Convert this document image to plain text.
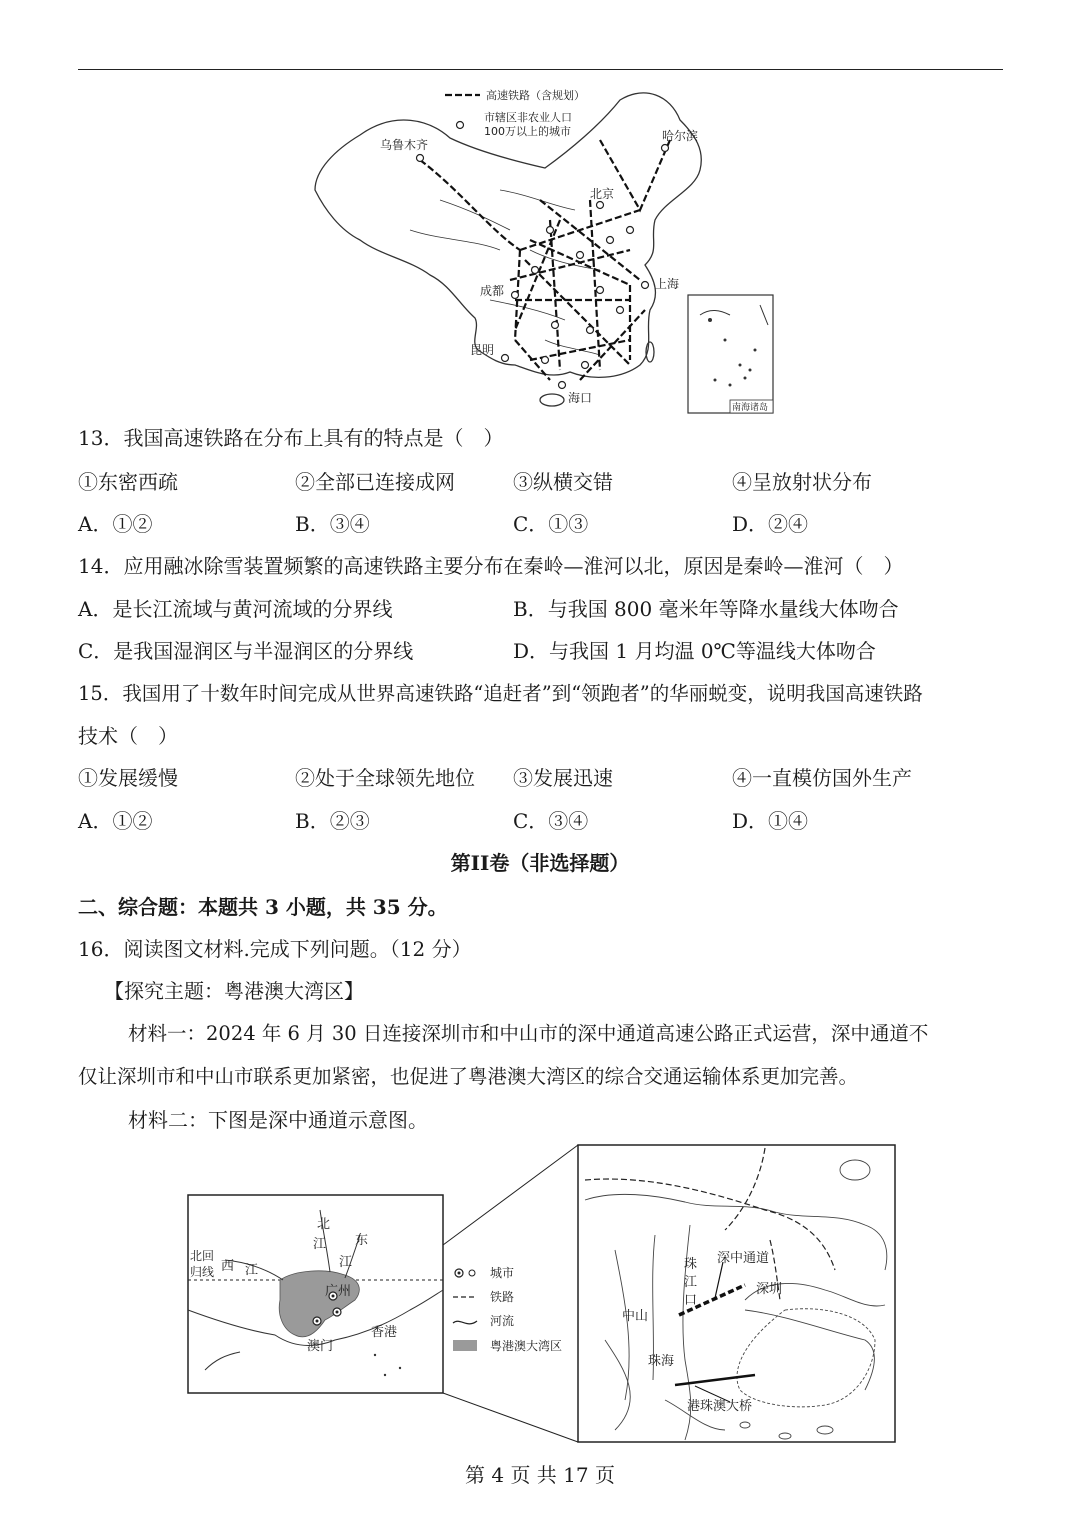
高速铁路（含规划）
市辖区非农业人口
100万以上的城市
乌鲁木齐
哈尔滨
北京
上海
成都
昆明
海口
南海诸岛
13．我国高速铁路在分布上具有的特点是（　）
①东密西疏	②全部已连接成网	③纵横交错	④呈放射状分布
A．①②	B．③④	C．①③	D．②④
14．应用融冰除雪装置频繁的高速铁路主要分布在秦岭—淮河以北，原因是秦岭—淮河（　）
A．是长江流域与黄河流域的分界线	B．与我国 800 毫米年等降水量线大体吻合
C．是我国湿润区与半湿润区的分界线	D．与我国 1 月均温 0℃等温线大体吻合
15．我国用了十数年时间完成从世界高速铁路“追赶者”到“领跑者”的华丽蜕变，说明我国高速铁路
技术（　）
①发展缓慢	②处于全球领先地位 ③发展迅速	④一直模仿国外生产
A．①②	B．②③	C．③④	D．①④
第II卷（非选择题）
二、综合题：本题共 3 小题，共 35 分。
16．阅读图文材料.完成下列问题。（12 分）
【探究主题：粤港澳大湾区】
材料一：2024 年 6 月 30 日连接深圳市和中山市的深中通道高速公路正式运营，深中通道不
仅让深圳市和中山市联系更加紧密，也促进了粤港澳大湾区的综合交通运输体系更加完善。
材料二：下图是深中通道示意图。
北回
归线 西 江
北
江 东
江
广州
香港
澳门
城市
铁路
河流
粤港澳大湾区
深中通道
珠
江
口
深圳
中山
珠海
港珠澳大桥
第 4 页 共 17 页
